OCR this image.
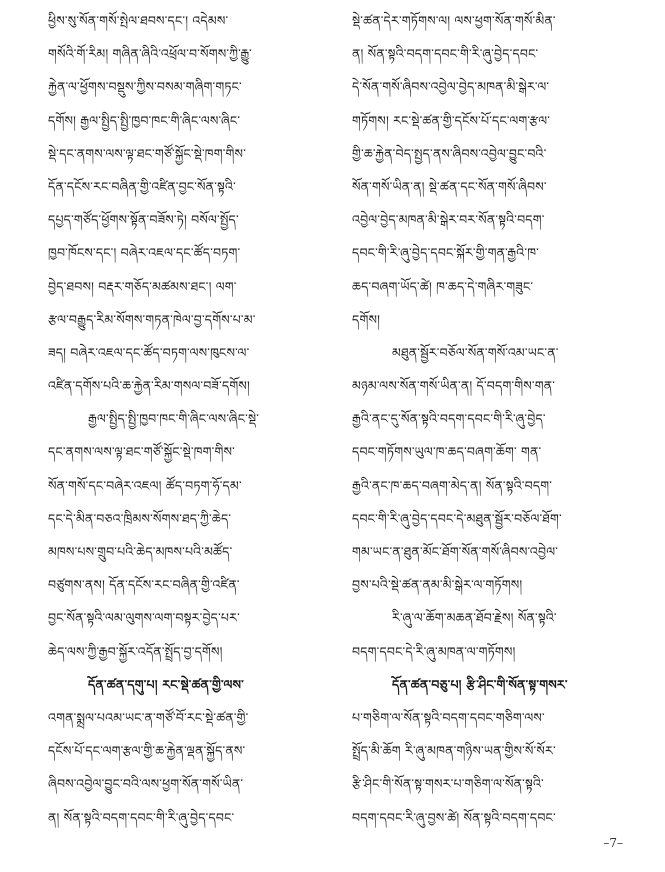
ཕྱིས་སུ་སོན་གསོ་སྤེལ་ཐབས་དང་། འདེམས་
གསོའི་གོ་རིམ། གཞིན་ཞིའི་འཕྲོལ་བ་སོགས་ཀྱི་རྒྱུ་
རྐྱེན་ལ་ཕྱོགས་བསྡུས་ཀྱིས་བསམ་གཞིག་གཏང་
དགོས། རྒྱལ་སྤྱིད་སྤྱི་ཁྱབ་ཁང་གི་ཞིང་ལས་ཞིང་
སྡེ་དང་ནགས་ལས་ལྟ་ཐང་གཙོ་སྐྱོང་སྡེ་ཁག་གིས་
དོན་དངོས་རང་བཞིན་གྱི་འཛིན་བྱང་སོན་སྟའི་
དཔྱད་གཙོད་ཕྱོགས་སྟོན་བཟོས་ཏེ། བསོལ་སྤྱོད་
ཁྱབ་ཁོངས་དང་། བཞེར་འཇལ་དང་ཚོད་བཏག་
བྱེད་ཐབས། བརྡར་གཅོད་མཚམས་ཐང་། ལག་
རྩལ་བརྒྱུད་རིམ་སོགས་གཏན་ཁེལ་བྱ་དགོས་པ་མ་
ཟད། བཞེར་འཇལ་དང་ཚོད་བཏག་ལས་ཁུངས་ལ་
འཛིན་དགོས་པའི་ཆ་རྐྱེན་རིམ་གསལ་བཟོ་དགོས།
རྒྱལ་སྤྱིད་སྤྱི་ཁྱབ་ཁང་གི་ཞིང་ལས་ཞིང་སྡེ་
དང་ནགས་ལས་ལྟ་ཐང་གཙོ་སྐྱོང་སྡེ་ཁག་གིས་
སོན་གསོ་དང་བཞེར་འཇལ། ཚོད་བཏག་ཧོ་དམ་
དང་དེ་མིན་བཅའ་ཁྲིམས་སོགས་ཐད་ཀྱི་ཆེད་
མཁས་པས་གྲུབ་པའི་ཆེད་མཁས་པའི་མཚོད་
བཙུགས་ནས། དོན་དངོས་རང་བཞིན་གྱི་འཛིན་
བྱང་སོན་སྟའི་ལམ་ལུགས་ལག་བསྟར་བྱེད་པར་
ཆེད་ལས་ཀྱི་རྒྱབ་སྐྱོར་འདོན་སྤྲོད་བྱ་དགོས།
དོན་ཚན་དགུ་པ། རང་སྡེ་ཚན་གྱི་ལས་
འགན་སྨྲལ་པའམ་ཡང་ན་གཙོ་བོ་རང་སྡེ་ཚན་གྱི་
དངོས་པོ་དང་ལག་རྩལ་གྱི་ཆ་རྐྱེན་ལྡན་སྐྱོད་ནས་
ཞིབས་འབྱེལ་བྱུང་བའི་ལས་ཕྱག་སོན་གསོ་ཡིན་
ན། སོན་སྟའི་བདག་དབང་གི་རི་ཞུ་བྱེད་དབང་
སྡེ་ཚན་དེར་གཏོགས་ལ། ལས་ཕྱག་སོན་གསོ་མིན་
ན། སོན་སྟའི་བདག་དབང་གི་རི་ཞུ་བྱེད་དབང་
དེ་སོན་གསོ་ཞིབས་འབྱེལ་བྱེད་མཁན་མི་སྒེར་ལ་
གཏོགས། རང་སྡེ་ཚན་གྱི་དངོས་པོ་དང་ལག་རྩལ་
གྱི་ཆ་རྐྱེན་བེད་སྤྱད་ནས་ཞིབས་འབྱེལ་བྱུང་བའི་
སོན་གསོ་ཡིན་ན། སྡེ་ཚན་དང་སོན་གསོ་ཞིབས་
འབྱེལ་བྱེད་མཁན་མི་སྒེར་བར་སོན་སྟའི་བདག་
དབང་གི་རི་ཞུ་བྱེད་དབང་སྐོར་གྱི་གན་རྒྱའི་ཁ་
ཆད་བཞག་ཡོད་ཚེ། ཁ་ཆད་དེ་གཞིར་གཟུང་
དགོས།
མཐུན་སྦྱོར་བཅོལ་སོན་གསོ་འམ་ཡང་ན་
མཉམ་ལས་སོན་གསོ་ཡིན་ན། དོ་བདག་གིས་གན་
རྒྱའི་ནང་དུ་སོན་སྟའི་བདག་དབང་གི་རི་ཞུ་བྱེད་
དབང་གཏོགས་ཡུལ་ཁ་ཆད་བཞག་ཆོག་ གན་
རྒྱའི་ནང་ཁ་ཆད་བཞག་མེད་ན། སོན་སྟའི་བདག་
དབང་གི་རི་ཞུ་བྱེད་དབང་དེ་མཐུན་སྦྱོར་བཅོལ་ཐོག་
གམ་ཡང་ན་ཐུན་མོང་ཐོག་སོན་གསོ་ཞིབས་འབྱེལ་
བྱས་པའི་སྡེ་ཚན་ནམ་མི་སྒེར་ལ་གཏོགས།
རི་ཞུ་ལ་ཆོག་མཆན་ཐོབ་རྗེས། སོན་སྟའི་
བདག་དབང་དེ་རི་ཞུ་མཁན་ལ་གཏོགས།
དོན་ཚན་བཅུ་པ། རྩི་ཤིང་གི་སོན་སྟ་གསར་
པ་གཅིག་ལ་སོན་སྟའི་བདག་དབང་གཅིག་ལས་
སྤྲོད་མི་ཆོག རི་ཞུ་མཁན་གཉིས་ཡན་གྱིས་སོ་སོར་
རྩི་ཤིང་གི་སོན་སྟ་གསར་པ་གཅིག་ལ་སོན་སྟའི་
བདག་དབང་རི་ཞུ་བྱས་ཚེ། སོན་སྟའི་བདག་དབང་
–7–
